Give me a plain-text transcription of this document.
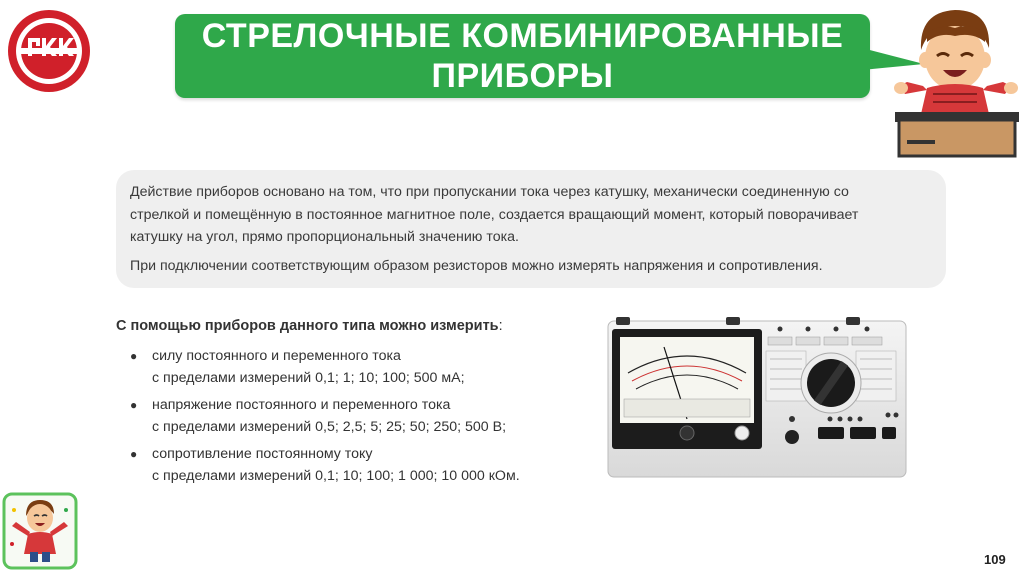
СТРЕЛОЧНЫЕ КОМБИНИРОВАННЫЕ
ПРИБОРЫ

Действие приборов основано на том, что при пропускании тока через катушку, механически соединенную со стрелкой и помещённую в постоянное магнитное поле, создается вращающий момент, который поворачивает катушку на угол, прямо пропорциональный значению тока.

При подключении соответствующим образом резисторов можно измерять напряжения и сопротивления.

С помощью приборов данного типа можно измерить:
● силу постоянного и переменного тока
с пределами измерений 0,1; 1; 10; 100; 500 мА;
● напряжение постоянного и переменного тока
с пределами измерений 0,5; 2,5; 5; 25; 50; 250; 500 В;
● сопротивление постоянному току
с пределами измерений 0,1; 10; 100; 1 000; 10 000 кОм.
109
